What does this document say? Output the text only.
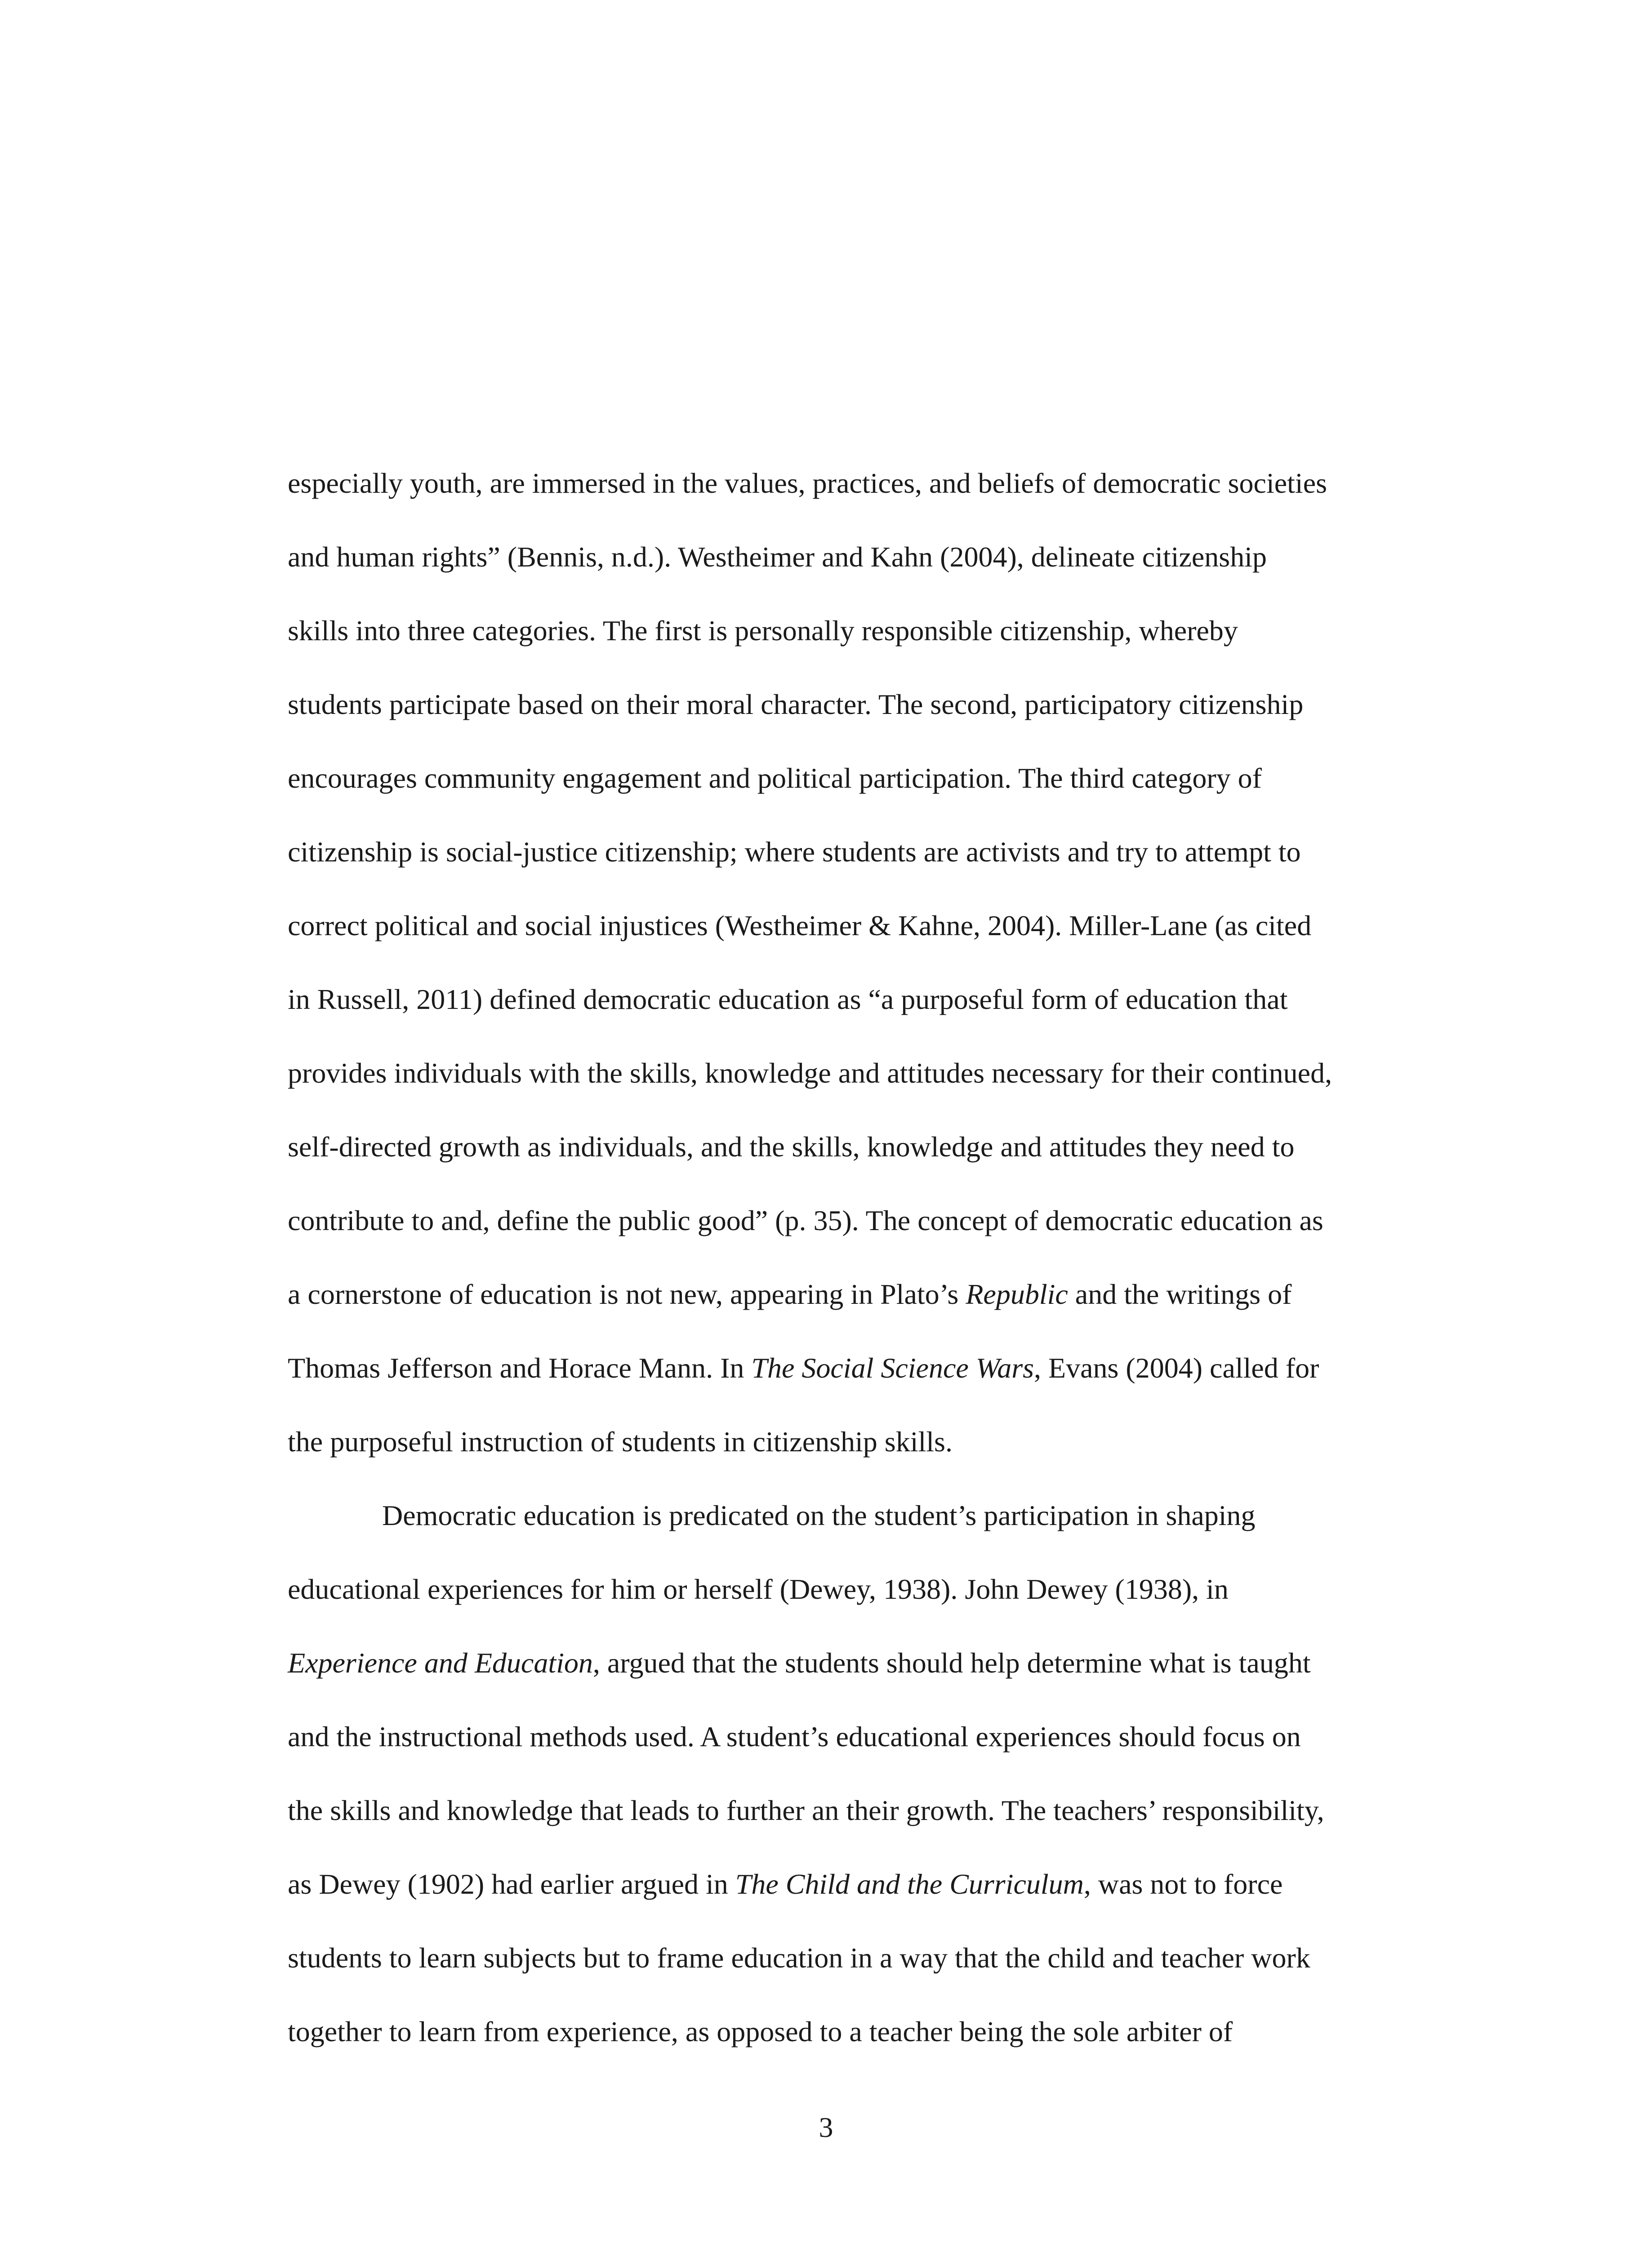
especially youth, are immersed in the values, practices, and beliefs of democratic societies
and human rights” (Bennis, n.d.). Westheimer and Kahn (2004), delineate citizenship
skills into three categories. The first is personally responsible citizenship, whereby
students participate based on their moral character. The second, participatory citizenship
encourages community engagement and political participation. The third category of
citizenship is social-justice citizenship; where students are activists and try to attempt to
correct political and social injustices (Westheimer & Kahne, 2004). Miller-Lane (as cited
in Russell, 2011) defined democratic education as “a purposeful form of education that
provides individuals with the skills, knowledge and attitudes necessary for their continued,
self-directed growth as individuals, and the skills, knowledge and attitudes they need to
contribute to and, define the public good” (p. 35). The concept of democratic education as
a cornerstone of education is not new, appearing in Plato’s Republic and the writings of
Thomas Jefferson and Horace Mann. In The Social Science Wars, Evans (2004) called for
the purposeful instruction of students in citizenship skills.
Democratic education is predicated on the student’s participation in shaping
educational experiences for him or herself (Dewey, 1938). John Dewey (1938), in
Experience and Education, argued that the students should help determine what is taught
and the instructional methods used. A student’s educational experiences should focus on
the skills and knowledge that leads to further an their growth. The teachers’ responsibility,
as Dewey (1902) had earlier argued in The Child and the Curriculum, was not to force
students to learn subjects but to frame education in a way that the child and teacher work
together to learn from experience, as opposed to a teacher being the sole arbiter of
3
